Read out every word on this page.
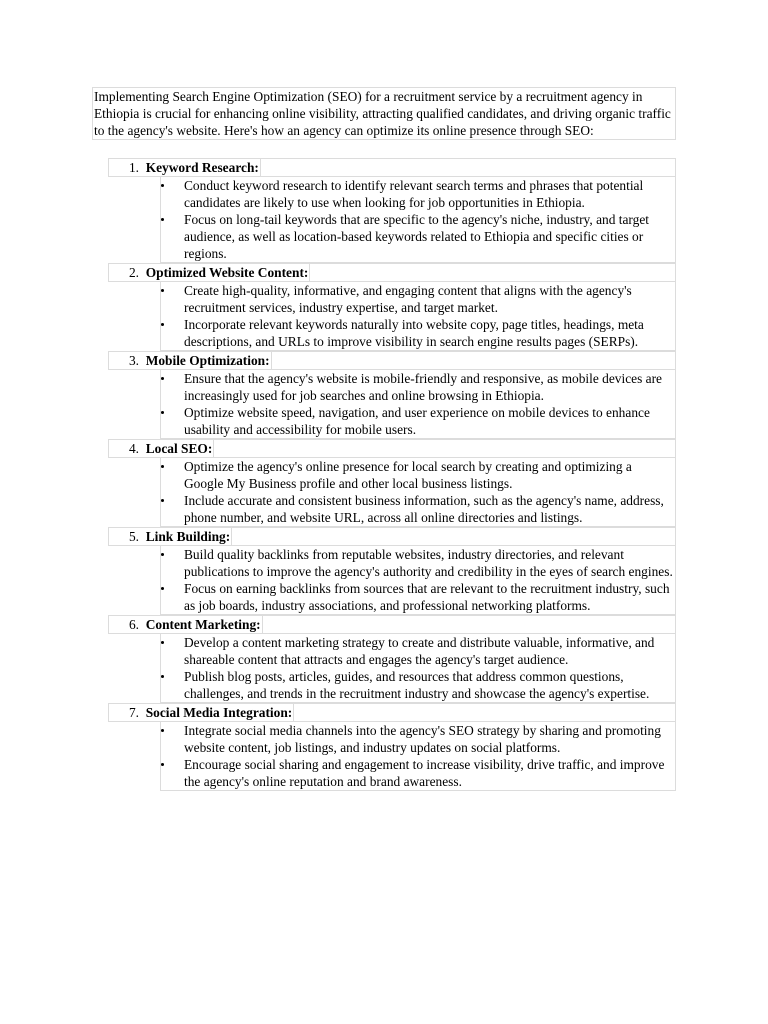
Implementing Search Engine Optimization (SEO) for a recruitment service by a recruitment agency in Ethiopia is crucial for enhancing online visibility, attracting qualified candidates, and driving organic traffic to the agency's website. Here's how an agency can optimize its online presence through SEO:

1.
Keyword Research:
Conduct keyword research to identify relevant search terms and phrases that potential candidates are likely to use when looking for job opportunities in Ethiopia.
Focus on long-tail keywords that are specific to the agency's niche, industry, and target audience, as well as location-based keywords related to Ethiopia and specific cities or regions.
2.
Optimized Website Content:
Create high-quality, informative, and engaging content that aligns with the agency's recruitment services, industry expertise, and target market.
Incorporate relevant keywords naturally into website copy, page titles, headings, meta descriptions, and URLs to improve visibility in search engine results pages (SERPs).
3.
Mobile Optimization:
Ensure that the agency's website is mobile-friendly and responsive, as mobile devices are increasingly used for job searches and online browsing in Ethiopia.
Optimize website speed, navigation, and user experience on mobile devices to enhance usability and accessibility for mobile users.
4.
Local SEO:
Optimize the agency's online presence for local search by creating and optimizing a Google My Business profile and other local business listings.
Include accurate and consistent business information, such as the agency's name, address, phone number, and website URL, across all online directories and listings.
5.
Link Building:
Build quality backlinks from reputable websites, industry directories, and relevant publications to improve the agency's authority and credibility in the eyes of search engines.
Focus on earning backlinks from sources that are relevant to the recruitment industry, such as job boards, industry associations, and professional networking platforms.
6.
Content Marketing:
Develop a content marketing strategy to create and distribute valuable, informative, and shareable content that attracts and engages the agency's target audience.
Publish blog posts, articles, guides, and resources that address common questions, challenges, and trends in the recruitment industry and showcase the agency's expertise.
7.
Social Media Integration:
Integrate social media channels into the agency's SEO strategy by sharing and promoting website content, job listings, and industry updates on social platforms.
Encourage social sharing and engagement to increase visibility, drive traffic, and improve the agency's online reputation and brand awareness.
